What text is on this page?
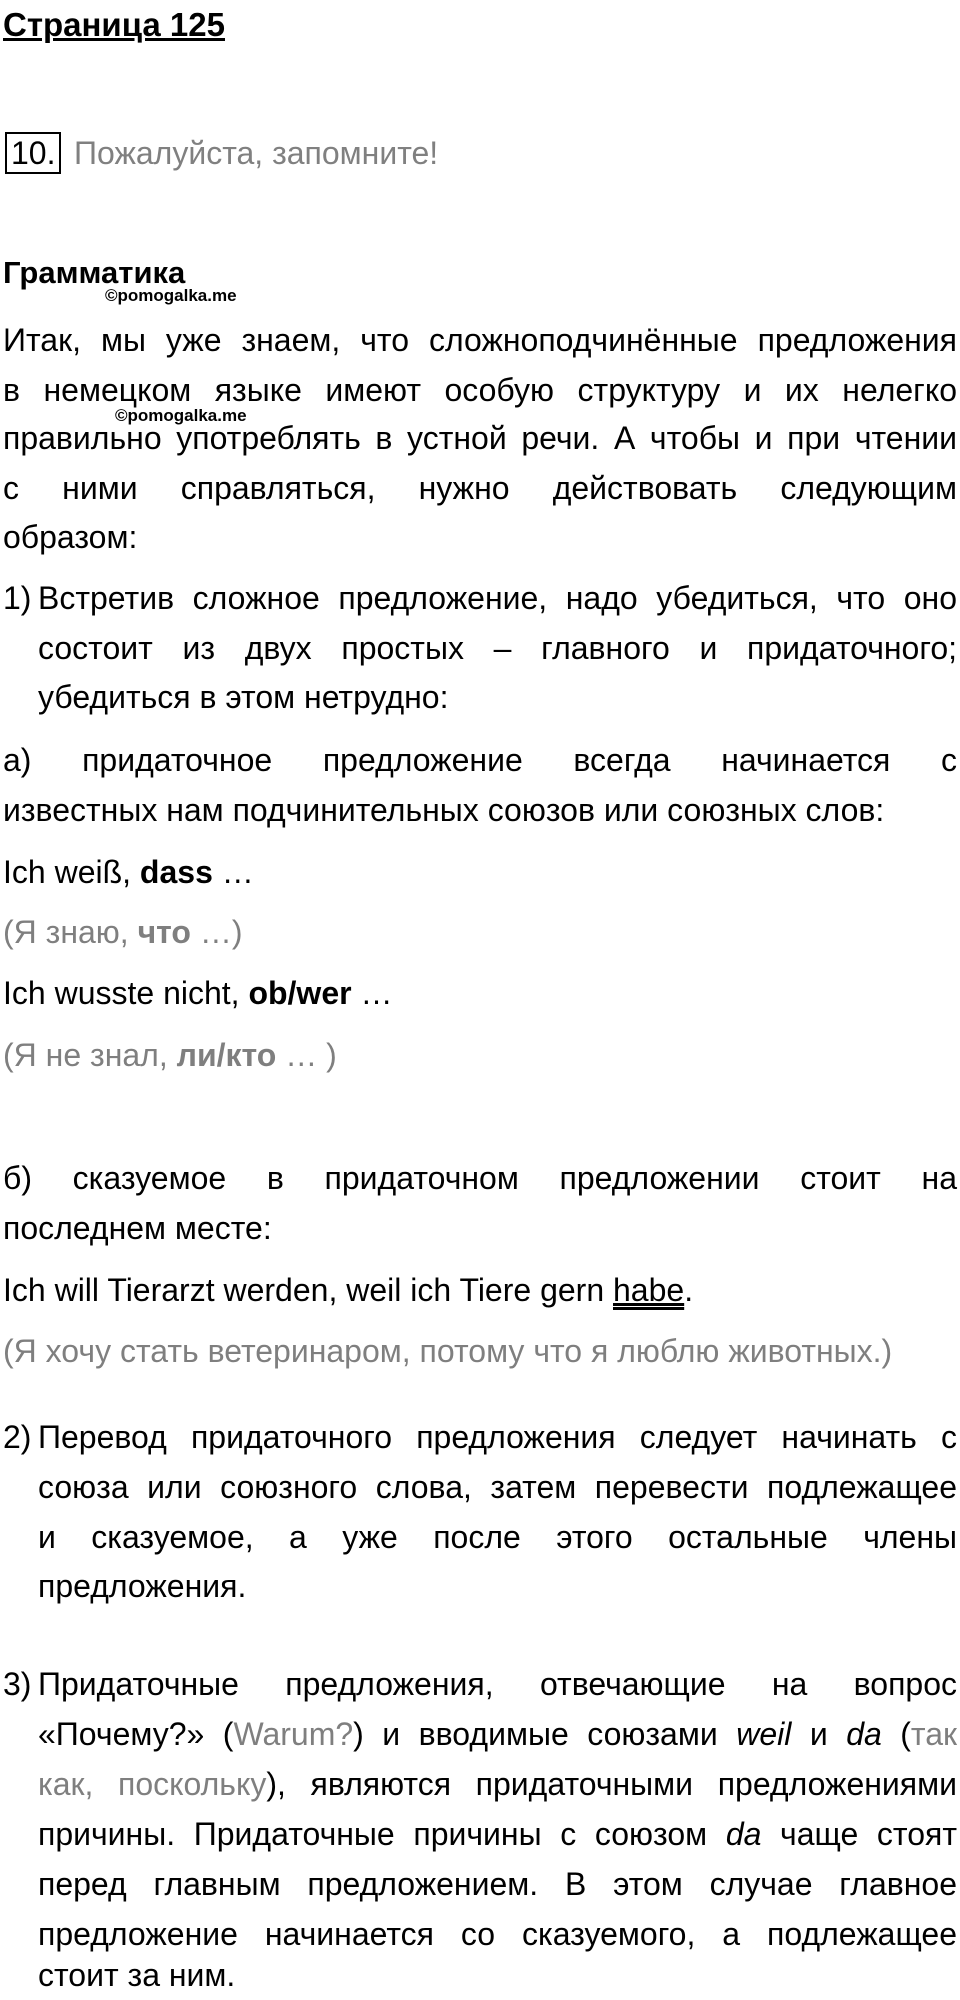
Страница 125
10. Пожалуйста, запомните!
Грамматика
©pomogalka.me
Итак, мы уже знаем, что сложноподчинённые предложения
в немецком языке имеют особую структуру и их нелегко
©pomogalka.me
правильно употреблять в устной речи. А чтобы и при чтении
с ними справляться, нужно действовать следующим
образом:
1) Встретив сложное предложение, надо убедиться, что оно
состоит из двух простых – главного и придаточного;
убедиться в этом нетрудно:
а) придаточное предложение всегда начинается с
известных нам подчинительных союзов или союзных слов:
Ich weiß, dass …
(Я знаю, что …)
Ich wusste nicht, ob/wer …
(Я не знал, ли/кто … )
б) сказуемое в придаточном предложении стоит на
последнем месте:
Ich will Tierarzt werden, weil ich Tiere gern habe.
(Я хочу стать ветеринаром, потому что я люблю животных.)
2) Перевод придаточного предложения следует начинать с
союза или союзного слова, затем перевести подлежащее
и сказуемое, а уже после этого остальные члены
предложения.
3) Придаточные предложения, отвечающие на вопрос
«Почему?» (Warum?) и вводимые союзами weil и da (так
как, поскольку), являются придаточными предложениями
причины. Придаточные причины с союзом da чаще стоят
перед главным предложением. В этом случае главное
предложение начинается со сказуемого, а подлежащее
стоит за ним.
